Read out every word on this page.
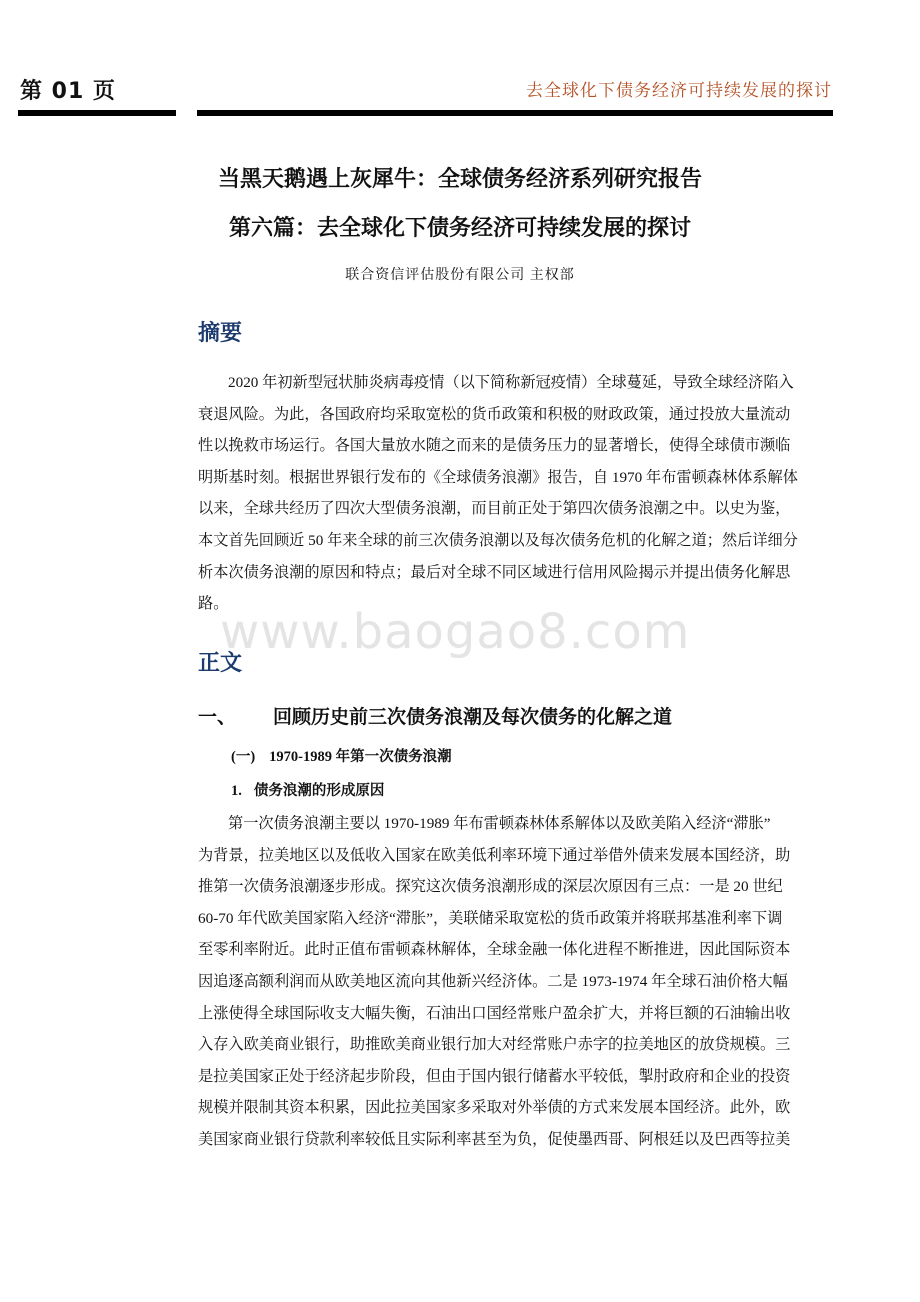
第 01 页	去全球化下债务经济可持续发展的探讨
当黑天鹅遇上灰犀牛：全球债务经济系列研究报告
第六篇：去全球化下债务经济可持续发展的探讨
联合资信评估股份有限公司 主权部
摘要

2020 年初新型冠状肺炎病毒疫情（以下简称新冠疫情）全球蔓延，导致全球经济陷入
衰退风险。为此，各国政府均采取宽松的货币政策和积极的财政政策，通过投放大量流动
性以挽救市场运行。各国大量放水随之而来的是债务压力的显著增长，使得全球债市濒临
明斯基时刻。根据世界银行发布的《全球债务浪潮》报告，自 1970 年布雷顿森林体系解体
以来，全球共经历了四次大型债务浪潮，而目前正处于第四次债务浪潮之中。以史为鉴，
本文首先回顾近 50 年来全球的前三次债务浪潮以及每次债务危机的化解之道；然后详细分
析本次债务浪潮的原因和特点；最后对全球不同区域进行信用风险揭示并提出债务化解思
路。

www.baogao8.com
正文
一、 回顾历史前三次债务浪潮及每次债务的化解之道
(一) 1970-1989 年第一次债务浪潮
1. 债务浪潮的形成原因

第一次债务浪潮主要以 1970-1989 年布雷顿森林体系解体以及欧美陷入经济“滞胀”
为背景，拉美地区以及低收入国家在欧美低利率环境下通过举借外债来发展本国经济，助
推第一次债务浪潮逐步形成。探究这次债务浪潮形成的深层次原因有三点：一是 20 世纪
60-70 年代欧美国家陷入经济“滞胀”，美联储采取宽松的货币政策并将联邦基准利率下调
至零利率附近。此时正值布雷顿森林解体，全球金融一体化进程不断推进，因此国际资本
因追逐高额利润而从欧美地区流向其他新兴经济体。二是 1973-1974 年全球石油价格大幅
上涨使得全球国际收支大幅失衡，石油出口国经常账户盈余扩大，并将巨额的石油输出收
入存入欧美商业银行，助推欧美商业银行加大对经常账户赤字的拉美地区的放贷规模。三
是拉美国家正处于经济起步阶段，但由于国内银行储蓄水平较低，掣肘政府和企业的投资
规模并限制其资本积累，因此拉美国家多采取对外举债的方式来发展本国经济。此外，欧
美国家商业银行贷款利率较低且实际利率甚至为负，促使墨西哥、阿根廷以及巴西等拉美
